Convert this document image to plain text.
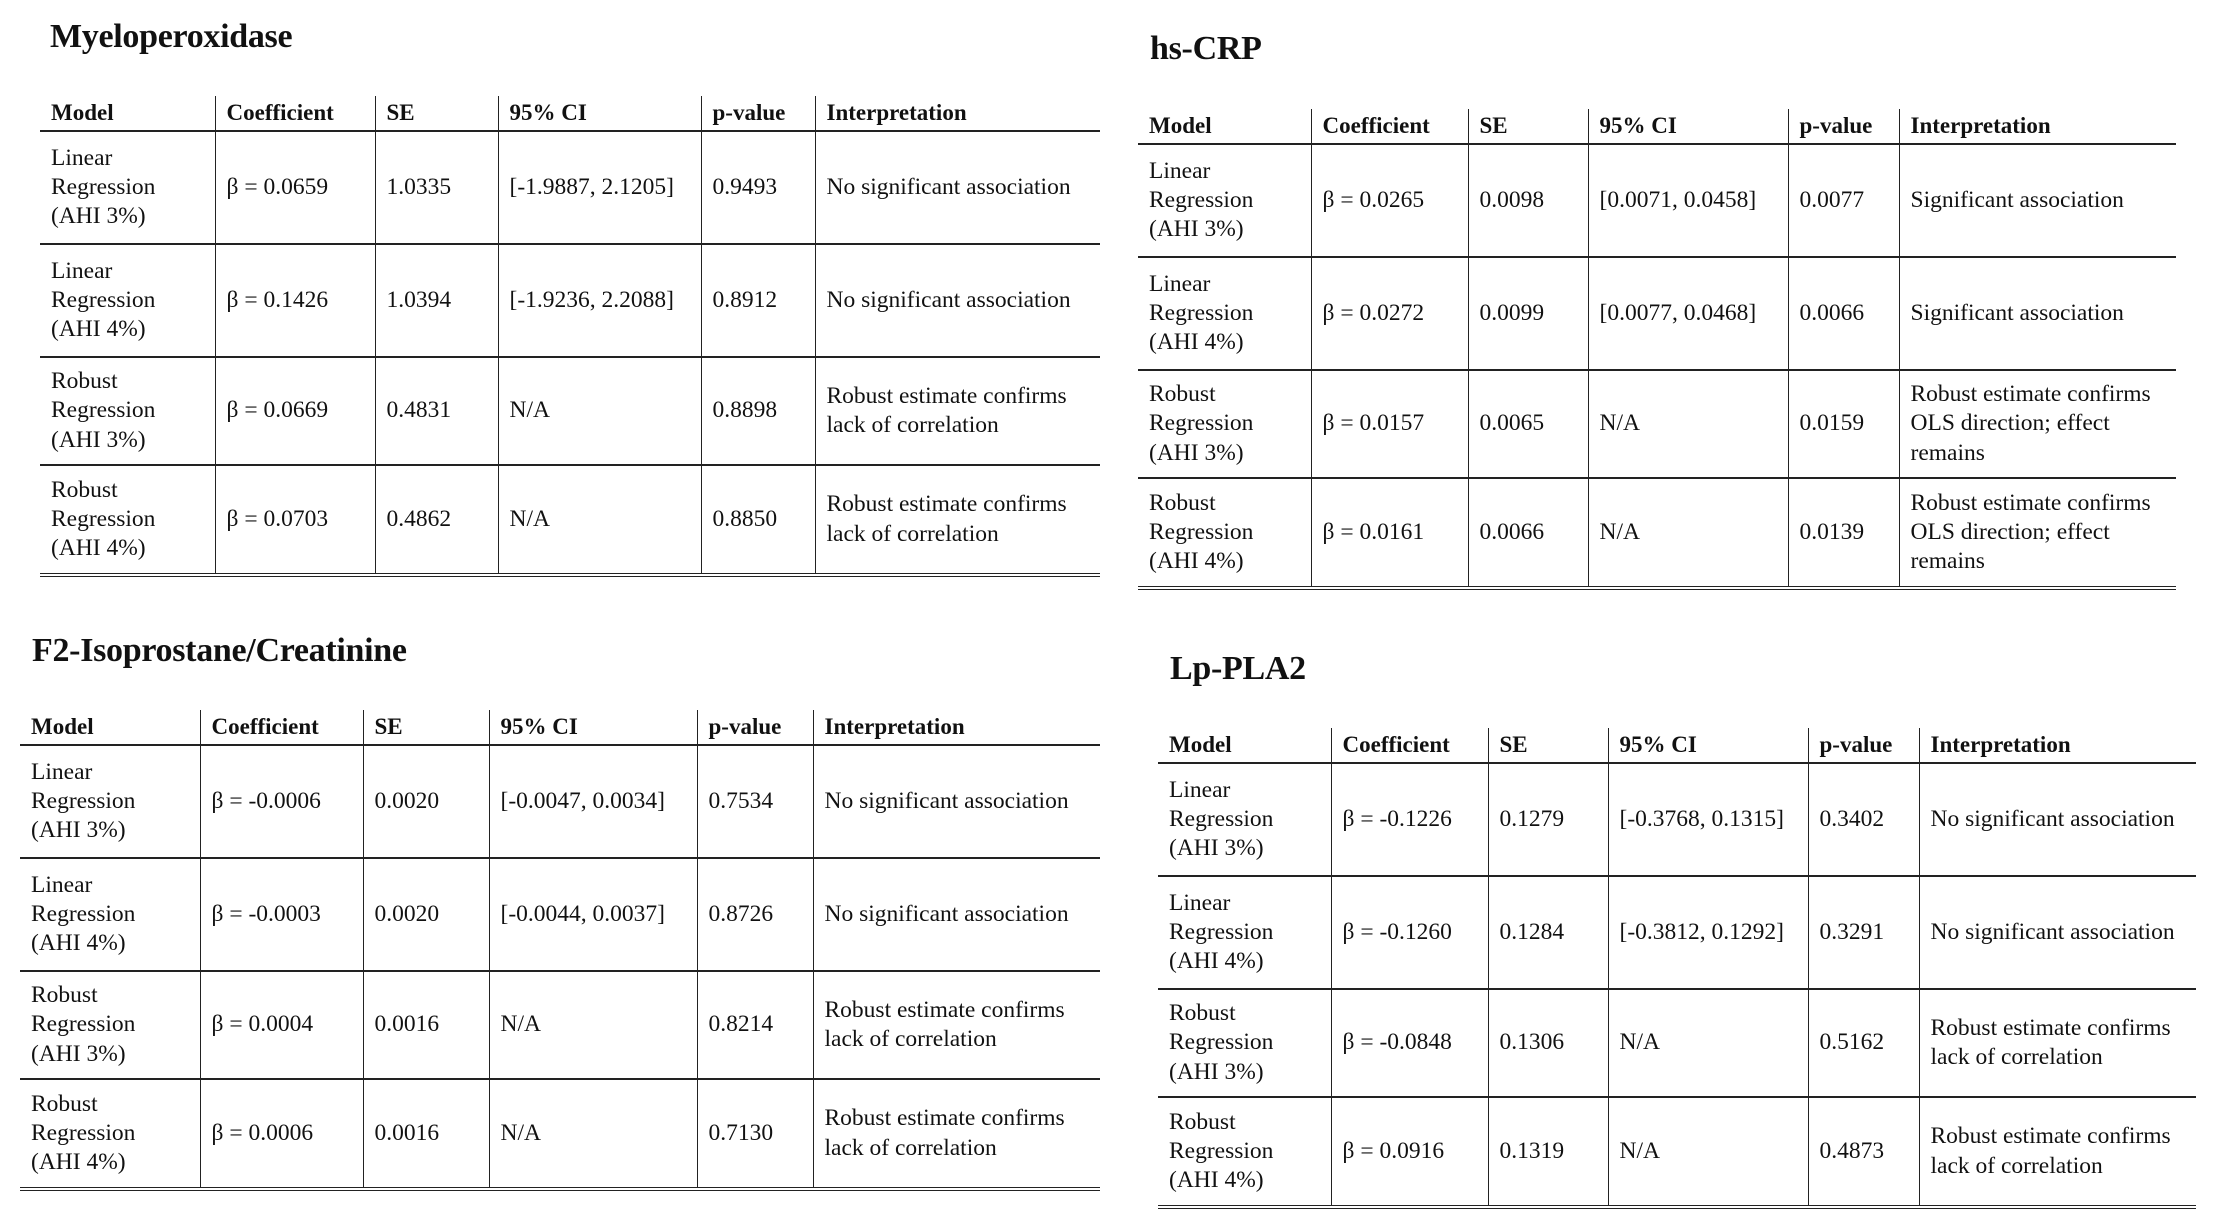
Myeloperoxidase
Model	Coefficient	SE	95% CI	p-value	Interpretation

Linear
Regression
(AHI 3%)	β = 0.0659	1.0335	[-1.9887, 2.1205]	0.9493	No significant association

Linear
Regression
(AHI 4%)	β = 0.1426	1.0394	[-1.9236, 2.2088]	0.8912	No significant association

Robust
Regression
(AHI 3%)	β = 0.0669	0.4831	N/A	0.8898	Robust estimate confirms lack of correlation

Robust
Regression
(AHI 4%)	β = 0.0703	0.4862	N/A	0.8850	Robust estimate confirms lack of correlation
hs-CRP
Model	Coefficient	SE	95% CI	p-value	Interpretation

Linear
Regression
(AHI 3%)	β = 0.0265	0.0098	[0.0071, 0.0458]	0.0077	Significant association

Linear
Regression
(AHI 4%)	β = 0.0272	0.0099	[0.0077, 0.0468]	0.0066	Significant association

Robust
Regression
(AHI 3%)	β = 0.0157	0.0065	N/A	0.0159	Robust estimate confirms OLS direction; effect remains

Robust
Regression
(AHI 4%)	β = 0.0161	0.0066	N/A	0.0139	Robust estimate confirms OLS direction; effect remains
F2-Isoprostane/Creatinine
Model	Coefficient	SE	95% CI	p-value	Interpretation

Linear
Regression
(AHI 3%)	β = -0.0006	0.0020	[-0.0047, 0.0034]	0.7534	No significant association

Linear
Regression
(AHI 4%)	β = -0.0003	0.0020	[-0.0044, 0.0037]	0.8726	No significant association

Robust
Regression
(AHI 3%)	β = 0.0004	0.0016	N/A	0.8214	Robust estimate confirms lack of correlation

Robust
Regression
(AHI 4%)	β = 0.0006	0.0016	N/A	0.7130	Robust estimate confirms lack of correlation
Lp-PLA2
Model	Coefficient	SE	95% CI	p-value	Interpretation

Linear
Regression
(AHI 3%)	β = -0.1226	0.1279	[-0.3768, 0.1315]	0.3402	No significant association

Linear
Regression
(AHI 4%)	β = -0.1260	0.1284	[-0.3812, 0.1292]	0.3291	No significant association

Robust
Regression
(AHI 3%)	β = -0.0848	0.1306	N/A	0.5162	Robust estimate confirms lack of correlation

Robust
Regression
(AHI 4%)	β = 0.0916	0.1319	N/A	0.4873	Robust estimate confirms lack of correlation
